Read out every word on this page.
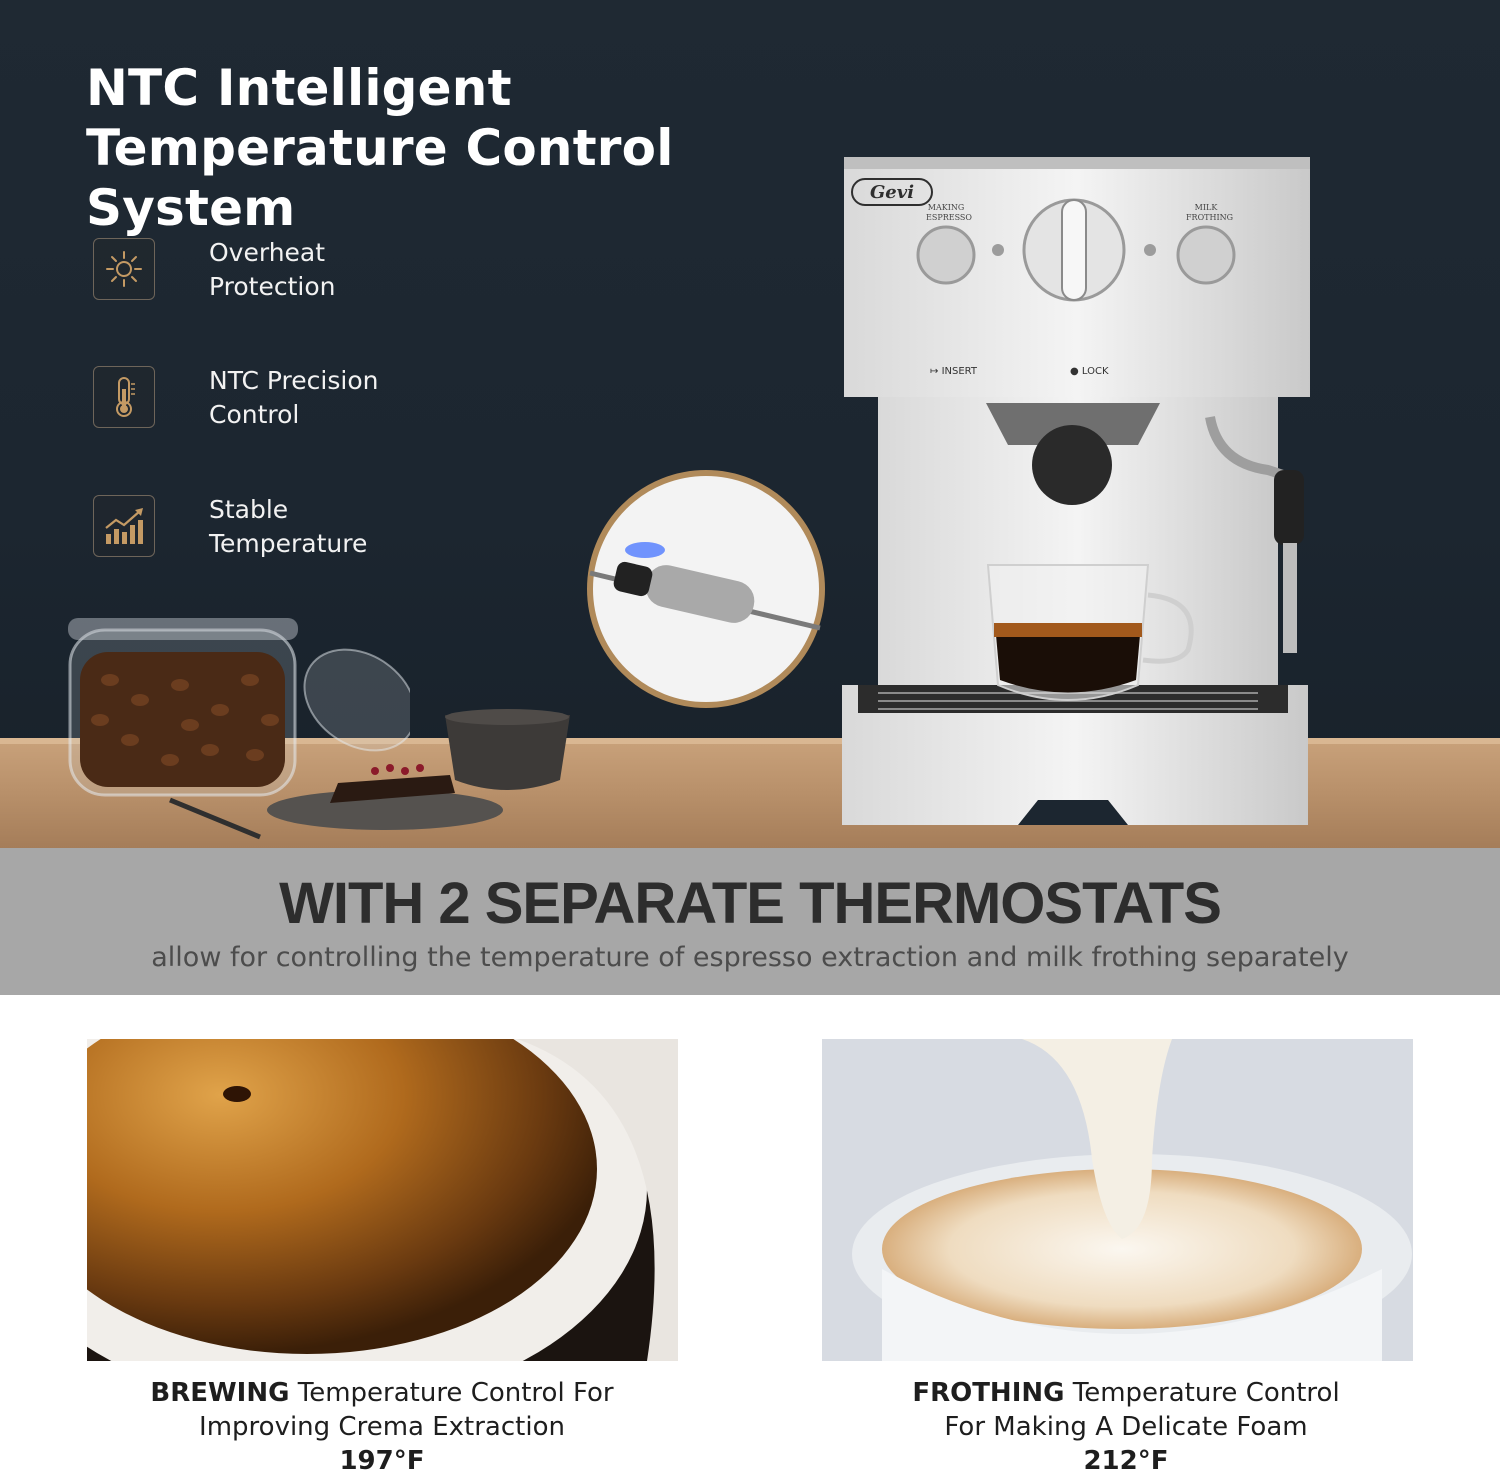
NTC Intelligent Temperature Control System
Overheat
Protection
NTC Precision
Control
Stable
Temperature
Gevi
↦ INSERT	● LOCK
MAKING
ESPRESSO
MILK
FROTHING
WITH 2 SEPARATE THERMOSTATS
allow for controlling the temperature of espresso extraction and milk frothing separately
BREWING Temperature Control For
Improving Crema Extraction
197°F
FROTHING Temperature Control
For Making A Delicate Foam
212°F
